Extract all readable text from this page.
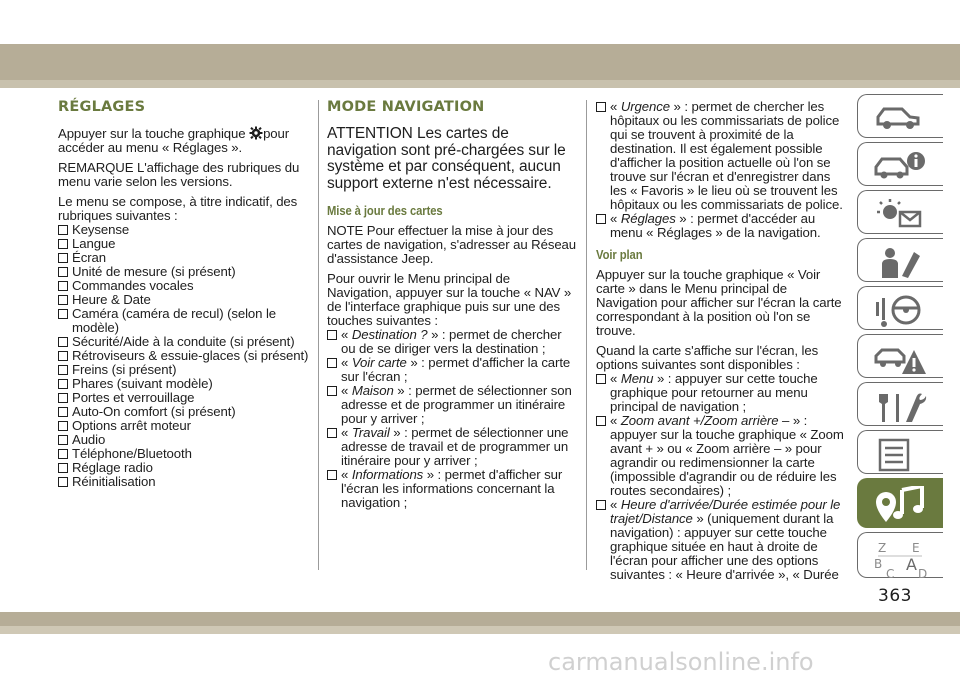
RÉGLAGES

Appuyer sur la touche graphique pour accéder au menu « Réglages ».

REMARQUE L'affichage des rubriques du menu varie selon les versions.

Le menu se compose, à titre indicatif, des rubriques suivantes :

Keysense
Langue
Écran
Unité de mesure (si présent)
Commandes vocales
Heure & Date
Caméra (caméra de recul) (selon le modèle)
Sécurité/Aide à la conduite (si présent)
Rétroviseurs & essuie-glaces (si présent)
Freins (si présent)
Phares (suivant modèle)
Portes et verrouillage
Auto-On comfort (si présent)
Options arrêt moteur
Audio
Téléphone/Bluetooth
Réglage radio
Réinitialisation
MODE NAVIGATION

ATTENTION Les cartes de navigation sont pré-chargées sur le système et par conséquent, aucun support externe n'est nécessaire.

Mise à jour des cartes

NOTE Pour effectuer la mise à jour des cartes de navigation, s'adresser au Réseau d'assistance Jeep.

Pour ouvrir le Menu principal de Navigation, appuyer sur la touche « NAV » de l'interface graphique puis sur une des touches suivantes :

« Destination ? » : permet de chercher ou de se diriger vers la destination ;
« Voir carte » : permet d'afficher la carte sur l'écran ;
« Maison » : permet de sélectionner son adresse et de programmer un itinéraire pour y arriver ;
« Travail » : permet de sélectionner une adresse de travail et de programmer un itinéraire pour y arriver ;
« Informations » : permet d'afficher sur l'écran les informations concernant la navigation ;
« Urgence » : permet de chercher les hôpitaux ou les commissariats de police qui se trouvent à proximité de la destination. Il est également possible d'afficher la position actuelle où l'on se trouve sur l'écran et d'enregistrer dans les « Favoris » le lieu où se trouvent les hôpitaux ou les commissariats de police.
« Réglages » : permet d'accéder au menu « Réglages » de la navigation.
Voir plan

Appuyer sur la touche graphique « Voir carte » dans le Menu principal de Navigation pour afficher sur l'écran la carte correspondant à la position où l'on se trouve.

Quand la carte s'affiche sur l'écran, les options suivantes sont disponibles :

« Menu » : appuyer sur cette touche graphique pour retourner au menu principal de navigation ;
« Zoom avant +/Zoom arrière – » : appuyer sur la touche graphique « Zoom avant + » ou « Zoom arrière – » pour agrandir ou redimensionner la carte (impossible d'agrandir ou de réduire les routes secondaires) ;
« Heure d'arrivée/Durée estimée pour le trajet/Distance » (uniquement durant la navigation) : appuyer sur cette touche graphique située en haut à droite de l'écran pour afficher une des options suivantes : « Heure d'arrivée », « Durée
Z E
B A
C D
363
carmanualsonline.info
